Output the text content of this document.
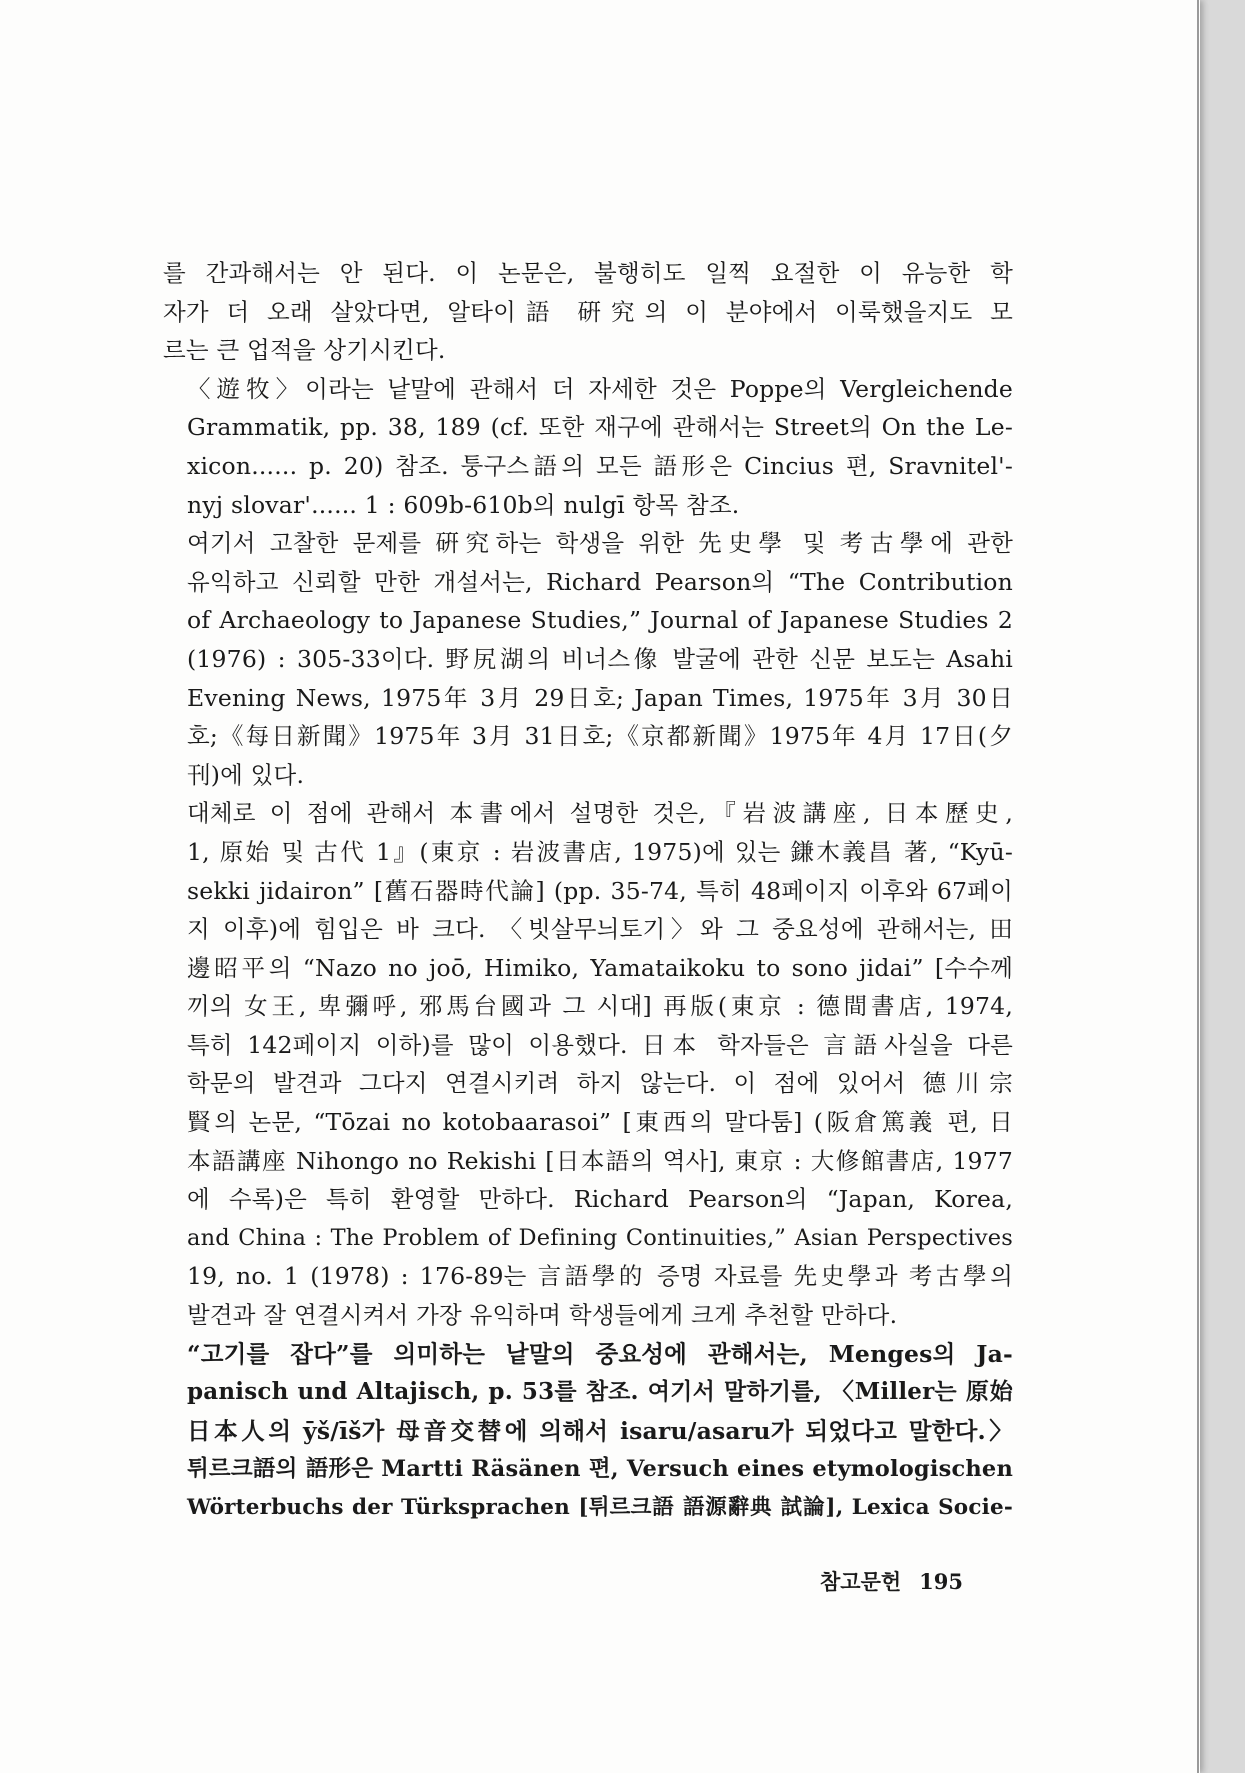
를 간과해서는 안 된다. 이 논문은, 불행히도 일찍 요절한 이 유능한 학
자가 더 오래 살았다면, 알타이語 硏究의 이 분야에서 이룩했을지도 모
르는 큰 업적을 상기시킨다.
〈遊牧〉이라는 낱말에 관해서 더 자세한 것은 Poppe의 Vergleichende
Grammatik, pp. 38, 189 (cf. 또한 재구에 관해서는 Street의 On the Le-
xicon...... p. 20) 참조. 퉁구스語의 모든 語形은 Cincius 편, Sravnitel'-
nyj slovar'...... 1 : 609b-610b의 nulgī 항목 참조.
여기서 고찰한 문제를 硏究하는 학생을 위한 先史學 및 考古學에 관한
유익하고 신뢰할 만한 개설서는, Richard Pearson의 “The Contribution
of Archaeology to Japanese Studies,” Journal of Japanese Studies 2
(1976) : 305-33이다. 野尻湖의 비너스像 발굴에 관한 신문 보도는 Asahi
Evening News, 1975年 3月 29日호; Japan Times, 1975年 3月 30日
호;《每日新聞》1975年 3月 31日호;《京都新聞》1975年 4月 17日(夕
刊)에 있다.
대체로 이 점에 관해서 本書에서 설명한 것은,『岩波講座, 日本歷史,
1, 原始 및 古代 1』(東京 : 岩波書店, 1975)에 있는 鎌木義昌 著, “Kyū-
sekki jidairon” [舊石器時代論] (pp. 35-74, 특히 48페이지 이후와 67페이
지 이후)에 힘입은 바 크다. 〈빗살무늬토기〉와 그 중요성에 관해서는, 田
邊昭平의 “Nazo no joō, Himiko, Yamataikoku to sono jidai” [수수께
끼의 女王, 卑彌呼, 邪馬台國과 그 시대] 再版(東京 : 德間書店, 1974,
특히 142페이지 이하)를 많이 이용했다. 日本 학자들은 言語사실을 다른
학문의 발견과 그다지 연결시키려 하지 않는다. 이 점에 있어서 德川宗
賢의 논문, “Tōzai no kotobaarasoi” [東西의 말다툼] (阪倉篤義 편, 日
本語講座 Nihongo no Rekishi [日本語의 역사], 東京 : 大修館書店, 1977
에 수록)은 특히 환영할 만하다. Richard Pearson의 “Japan, Korea,
and China : The Problem of Defining Continuities,” Asian Perspectives
19, no. 1 (1978) : 176-89는 言語學的 증명 자료를 先史學과 考古學의
발견과 잘 연결시켜서 가장 유익하며 학생들에게 크게 추천할 만하다.
“고기를 잡다”를 의미하는 낱말의 중요성에 관해서는, Menges의 Ja-
panisch und Altajisch, p. 53를 참조. 여기서 말하기를, 〈Miller는 原始
日本人의 ȳš/īš가 母音交替에 의해서 isaru/asaru가 되었다고 말한다.〉
튀르크語의 語形은 Martti Räsänen 편, Versuch eines etymologischen
Wörterbuchs der Türksprachen [튀르크語 語源辭典 試論], Lexica Socie-
참고문헌 195
